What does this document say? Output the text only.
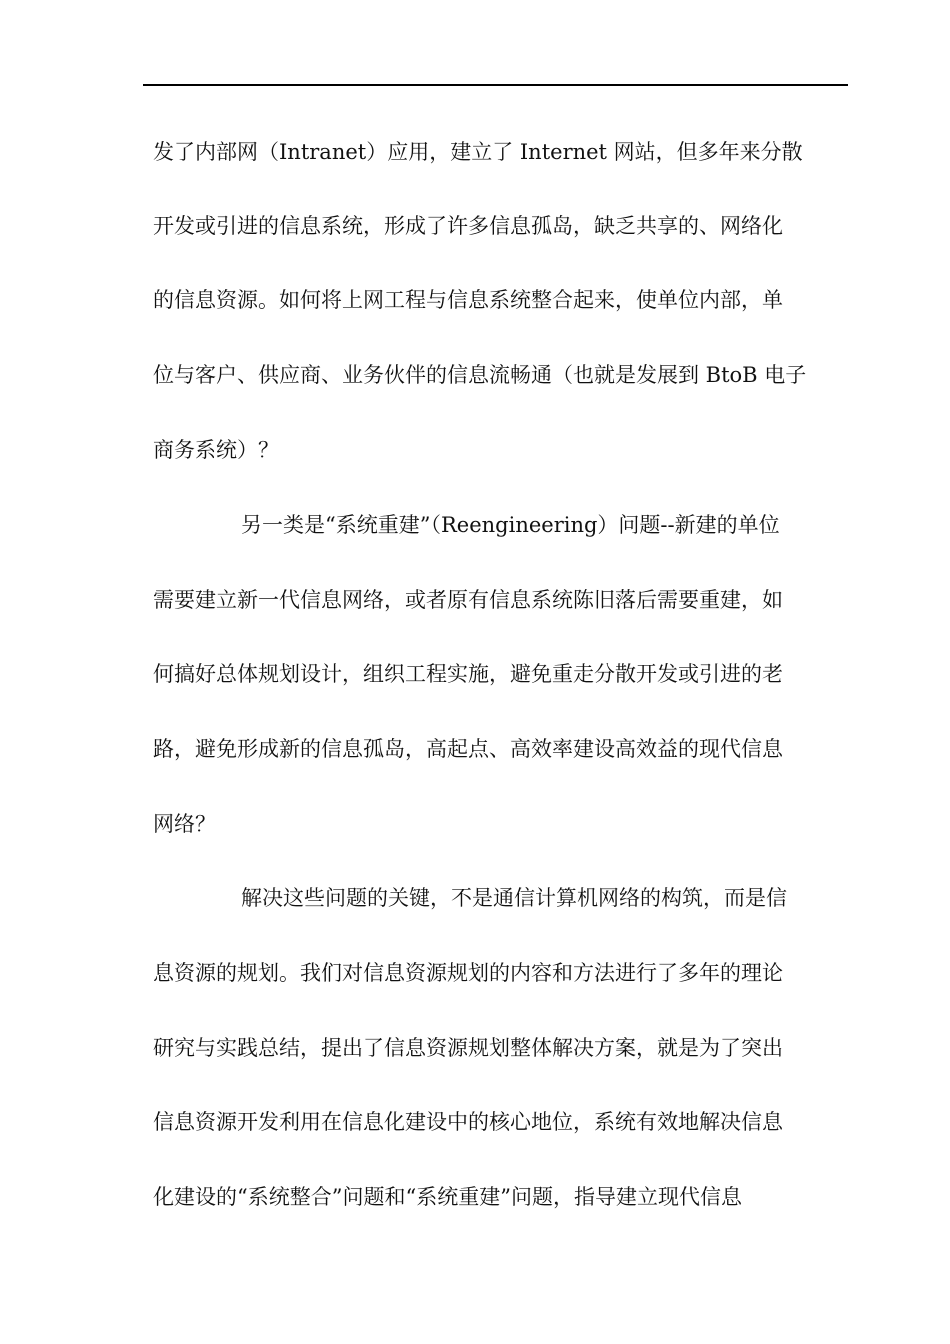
发了内部网（Intranet）应用，建立了 Internet 网站，但多年来分散
开发或引进的信息系统，形成了许多信息孤岛，缺乏共享的、网络化
的信息资源。如何将上网工程与信息系统整合起来，使单位内部，单
位与客户、供应商、业务伙伴的信息流畅通（也就是发展到 BtoB 电子
商务系统）？
另一类是“系统重建”（Reengineering）问题--新建的单位
需要建立新一代信息网络，或者原有信息系统陈旧落后需要重建，如
何搞好总体规划设计，组织工程实施，避免重走分散开发或引进的老
路，避免形成新的信息孤岛，高起点、高效率建设高效益的现代信息
网络？
解决这些问题的关键，不是通信计算机网络的构筑，而是信
息资源的规划。我们对信息资源规划的内容和方法进行了多年的理论
研究与实践总结，提出了信息资源规划整体解决方案，就是为了突出
信息资源开发利用在信息化建设中的核心地位，系统有效地解决信息
化建设的“系统整合”问题和“系统重建”问题，指导建立现代信息
